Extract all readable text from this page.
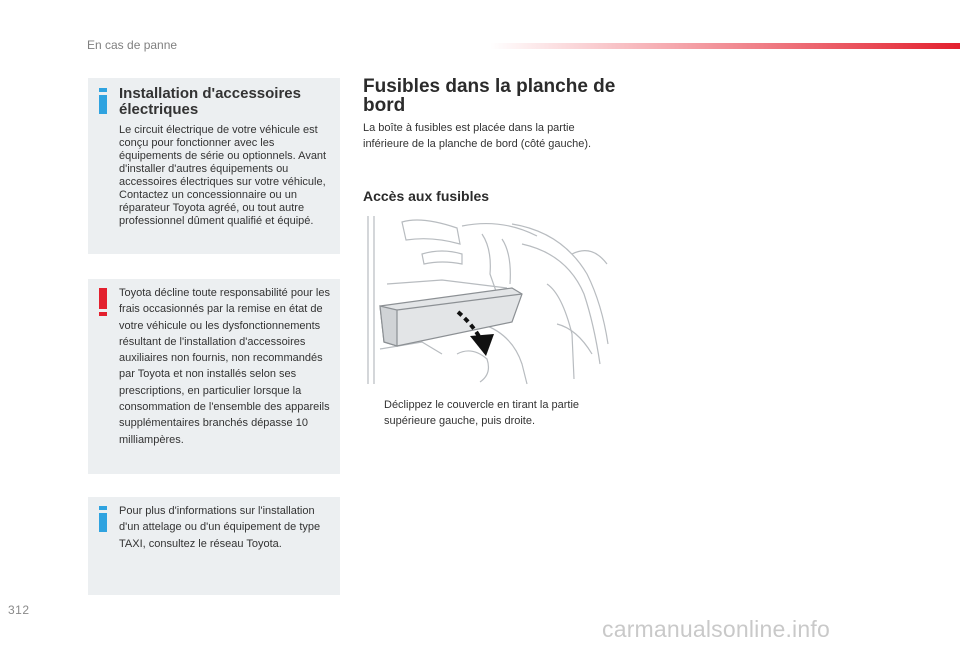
En cas de panne
Installation d'accessoires électriques
Le circuit électrique de votre véhicule est conçu pour fonctionner avec les équipements de série ou optionnels. Avant d'installer d'autres équipements ou accessoires électriques sur votre véhicule, Contactez un concessionnaire ou un réparateur Toyota agréé, ou tout autre professionnel dûment qualifié et équipé.
Toyota décline toute responsabilité pour les frais occasionnés par la remise en état de votre véhicule ou les dysfonctionnements résultant de l'installation d'accessoires auxiliaires non fournis, non recommandés par Toyota et non installés selon ses prescriptions, en particulier lorsque la consommation de l'ensemble des appareils supplémentaires branchés dépasse 10 milliampères.
Pour plus d'informations sur l'installation d'un attelage ou d'un équipement de type TAXI, consultez le réseau Toyota.
Fusibles dans la planche de bord
La boîte à fusibles est placée dans la partie inférieure de la planche de bord (côté gauche).
Accès aux fusibles
Déclippez le couvercle en tirant la partie supérieure gauche, puis droite.
312
carmanualsonline.info
